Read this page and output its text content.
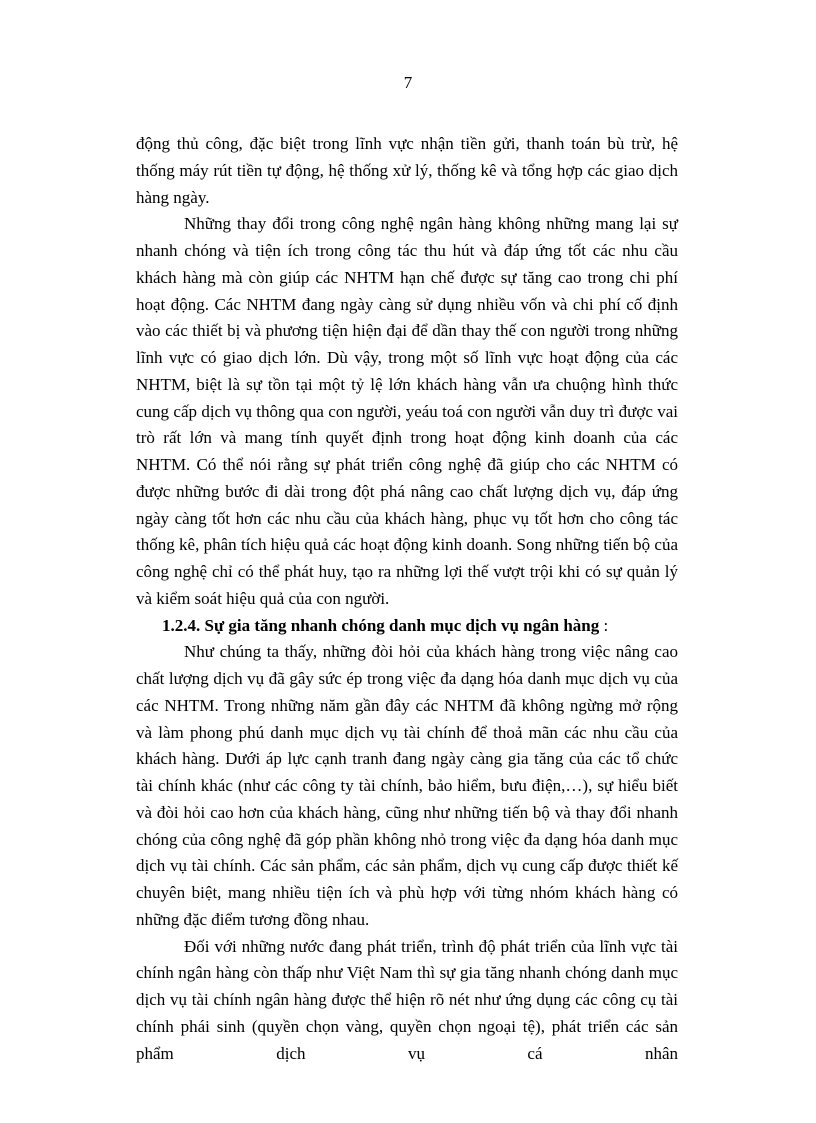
7

động thủ công, đặc biệt trong lĩnh vực nhận tiền gửi, thanh toán bù trừ, hệ thống máy rút tiền tự động, hệ thống xử lý, thống kê và tổng hợp các giao dịch hàng ngày.

Những thay đổi trong công nghệ ngân hàng không những mang lại sự nhanh chóng và tiện ích trong công tác thu hút và đáp ứng tốt các nhu cầu khách hàng mà còn giúp các NHTM hạn chế được sự tăng cao trong chi phí hoạt động. Các NHTM đang ngày càng sử dụng nhiều vốn và chi phí cố định vào các thiết bị và phương tiện hiện đại để dần thay thế con người trong những lĩnh vực có giao dịch lớn. Dù vậy, trong một số lĩnh vực hoạt động của các NHTM, biệt là sự tồn tại một tỷ lệ lớn khách hàng vẫn ưa chuộng hình thức cung cấp dịch vụ thông qua con người, yeáu toá con người vẫn duy trì được vai trò rất lớn và mang tính quyết định trong hoạt động kinh doanh của các NHTM. Có thể nói rằng sự phát triển công nghệ đã giúp cho các NHTM có được những bước đi dài trong đột phá nâng cao chất lượng dịch vụ, đáp ứng ngày càng tốt hơn các nhu cầu của khách hàng, phục vụ tốt hơn cho công tác thống kê, phân tích hiệu quả các hoạt động kinh doanh. Song những tiến bộ của công nghệ chỉ có thể phát huy, tạo ra những lợi thế vượt trội khi có sự quản lý và kiểm soát hiệu quả của con người.

1.2.4. Sự gia tăng nhanh chóng danh mục dịch vụ ngân hàng :

Như chúng ta thấy, những đòi hỏi của khách hàng trong việc nâng cao chất lượng dịch vụ đã gây sức ép trong việc đa dạng hóa danh mục dịch vụ của các NHTM. Trong những năm gần đây các NHTM đã không ngừng mở rộng và làm phong phú danh mục dịch vụ tài chính để thoả mãn các nhu cầu của khách hàng. Dưới áp lực cạnh tranh đang ngày càng gia tăng của các tổ chức tài chính khác (như các công ty tài chính, bảo hiểm, bưu điện,…), sự hiểu biết và đòi hỏi cao hơn của khách hàng, cũng như những tiến bộ và thay đổi nhanh chóng của công nghệ đã góp phần không nhỏ trong việc đa dạng hóa danh mục dịch vụ tài chính. Các sản phẩm, các sản phẩm, dịch vụ cung cấp được thiết kế chuyên biệt, mang nhiều tiện ích và phù hợp với từng nhóm khách hàng có những đặc điểm tương đồng nhau.

Đối với những nước đang phát triển, trình độ phát triển của lĩnh vực tài chính ngân hàng còn thấp như Việt Nam thì sự gia tăng nhanh chóng danh mục dịch vụ tài chính ngân hàng được thể hiện rõ nét như ứng dụng các công cụ tài chính phái sinh (quyền chọn vàng, quyền chọn ngoại tệ), phát triển các sản phẩm dịch vụ cá nhân
